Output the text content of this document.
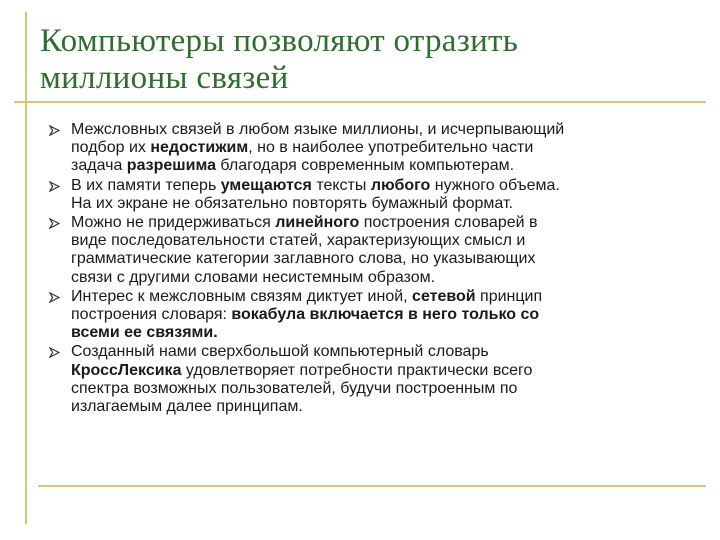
Компьютеры позволяют отразить
миллионы связей
Межсловных связей в любом языке миллионы, и исчерпывающий
подбор их недостижим, но в наиболее употребительно части
задача разрешима благодаря современным компьютерам.
В их памяти теперь умещаются тексты любого нужного объема.
На их экране не обязательно повторять бумажный формат.
Можно не придерживаться линейного построения словарей в
виде последовательности статей, характеризующих смысл и
грамматические категории заглавного слова, но указывающих
связи с другими словами несистемным образом.
Интерес к межсловным связям диктует иной, сетевой принцип
построения словаря: вокабула включается в него только со
всеми ее связями.
Созданный нами сверхбольшой компьютерный словарь
КроссЛексика удовлетворяет потребности практически всего
спектра возможных пользователей, будучи построенным по
излагаемым далее принципам.
